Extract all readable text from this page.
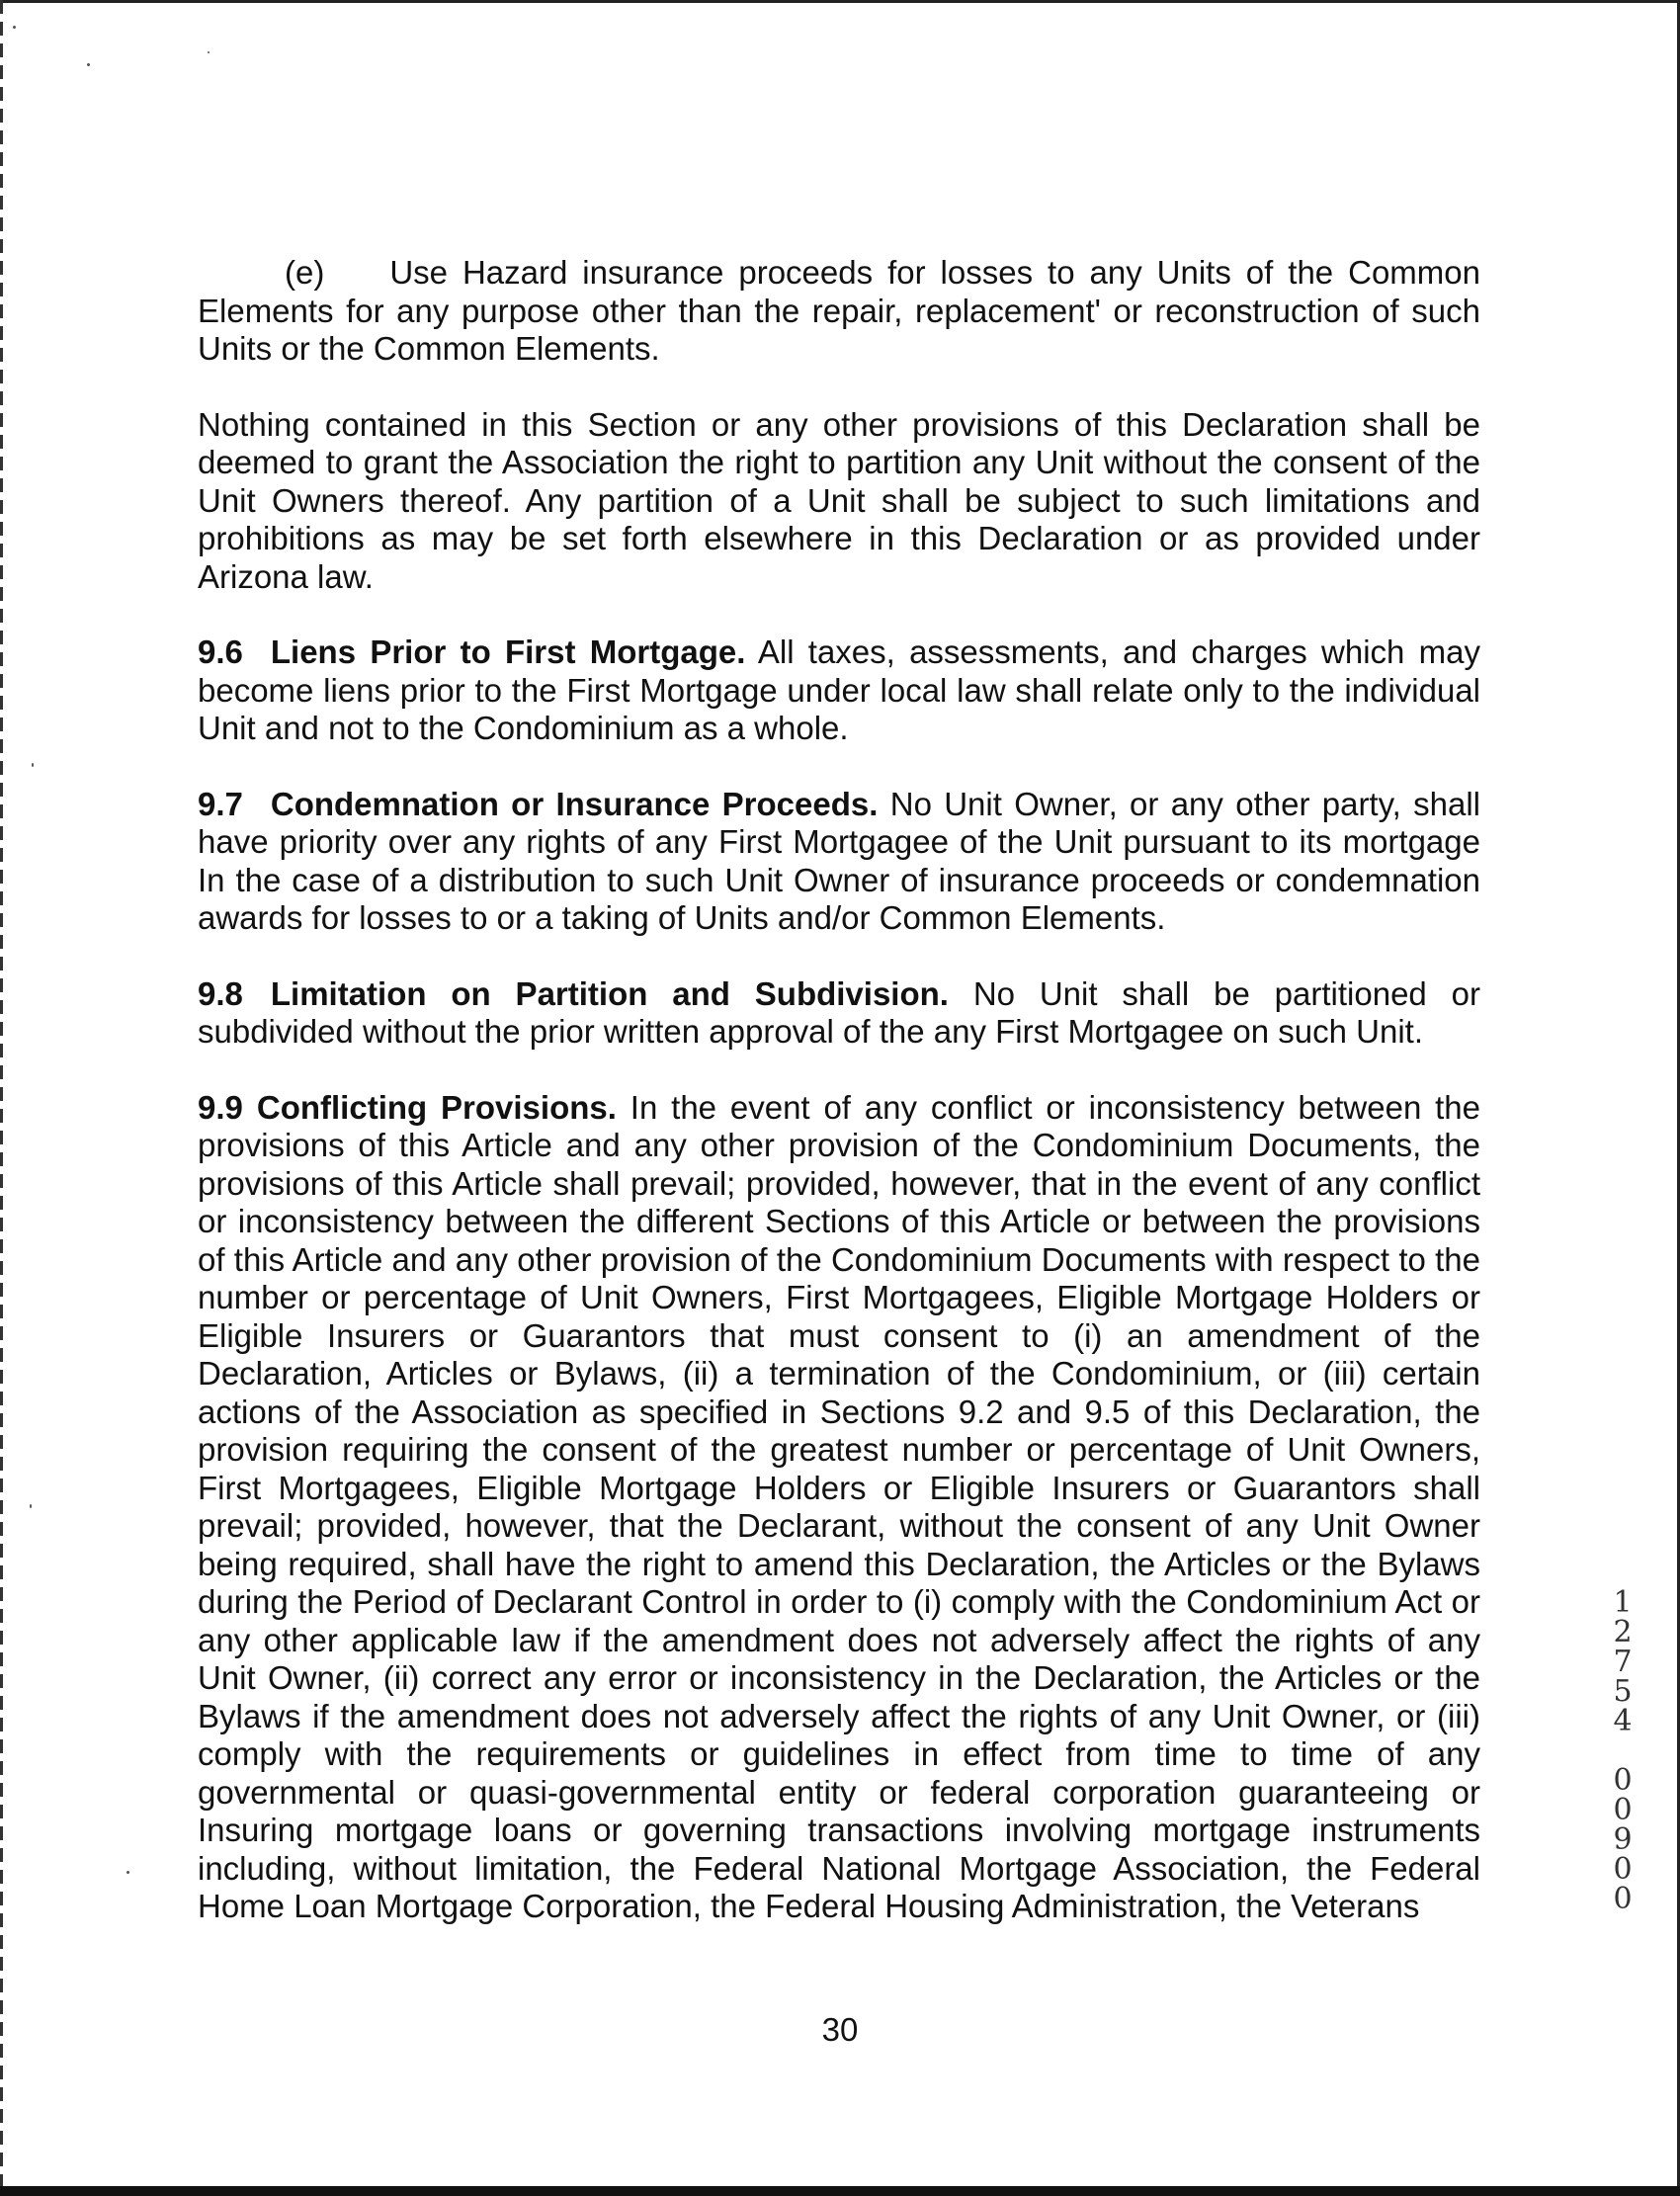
(e)  Use Hazard insurance proceeds for losses to any Units of the Common Elements for any purpose other than the repair, replacement' or reconstruction of such Units or the Common Elements.

Nothing contained in this Section or any other provisions of this Declaration shall be deemed to grant the Association the right to partition any Unit without the consent of the Unit Owners thereof. Any partition of a Unit shall be subject to such limitations and prohibitions as may be set forth elsewhere in this Declaration or as provided under Arizona law.

9.6 Liens Prior to First Mortgage. All taxes, assessments, and charges which may become liens prior to the First Mortgage under local law shall relate only to the individual Unit and not to the Condominium as a whole.

9.7 Condemnation or Insurance Proceeds. No Unit Owner, or any other party, shall have priority over any rights of any First Mortgagee of the Unit pursuant to its mortgage In the case of a distribution to such Unit Owner of insurance proceeds or condemnation awards for losses to or a taking of Units and/or Common Elements.

9.8 Limitation on Partition and Subdivision. No Unit shall be partitioned or subdivided without the prior written approval of the any First Mortgagee on such Unit.

9.9 Conflicting Provisions. In the event of any conflict or inconsistency between the provisions of this Article and any other provision of the Condominium Documents, the provisions of this Article shall prevail; provided, however, that in the event of any conflict or inconsistency between the different Sections of this Article or between the provisions of this Article and any other provision of the Condominium Documents with respect to the number or percentage of Unit Owners, First Mortgagees, Eligible Mortgage Holders or Eligible Insurers or Guarantors that must consent to (i) an amendment of the Declaration, Articles or Bylaws, (ii) a termination of the Condominium, or (iii) certain actions of the Association as specified in Sections 9.2 and 9.5 of this Declaration, the provision requiring the consent of the greatest number or percentage of Unit Owners, First Mortgagees, Eligible Mortgage Holders or Eligible Insurers or Guarantors shall prevail; provided, however, that the Declarant, without the consent of any Unit Owner being required, shall have the right to amend this Declaration, the Articles or the Bylaws during the Period of Declarant Control in order to (i) comply with the Condominium Act or any other applicable law if the amendment does not adversely affect the rights of any Unit Owner, (ii) correct any error or inconsistency in the Declaration, the Articles or the Bylaws if the amendment does not adversely affect the rights of any Unit Owner, or (iii) comply with the requirements or guidelines in effect from time to time of any governmental or quasi-governmental entity or federal corporation guaranteeing or Insuring mortgage loans or governing transactions involving mortgage instruments including, without limitation, the Federal National Mortgage Association, the Federal Home Loan Mortgage Corporation, the Federal Housing Administration, the Veterans

1
2
7
5
4

0
0
9
0
0
30
